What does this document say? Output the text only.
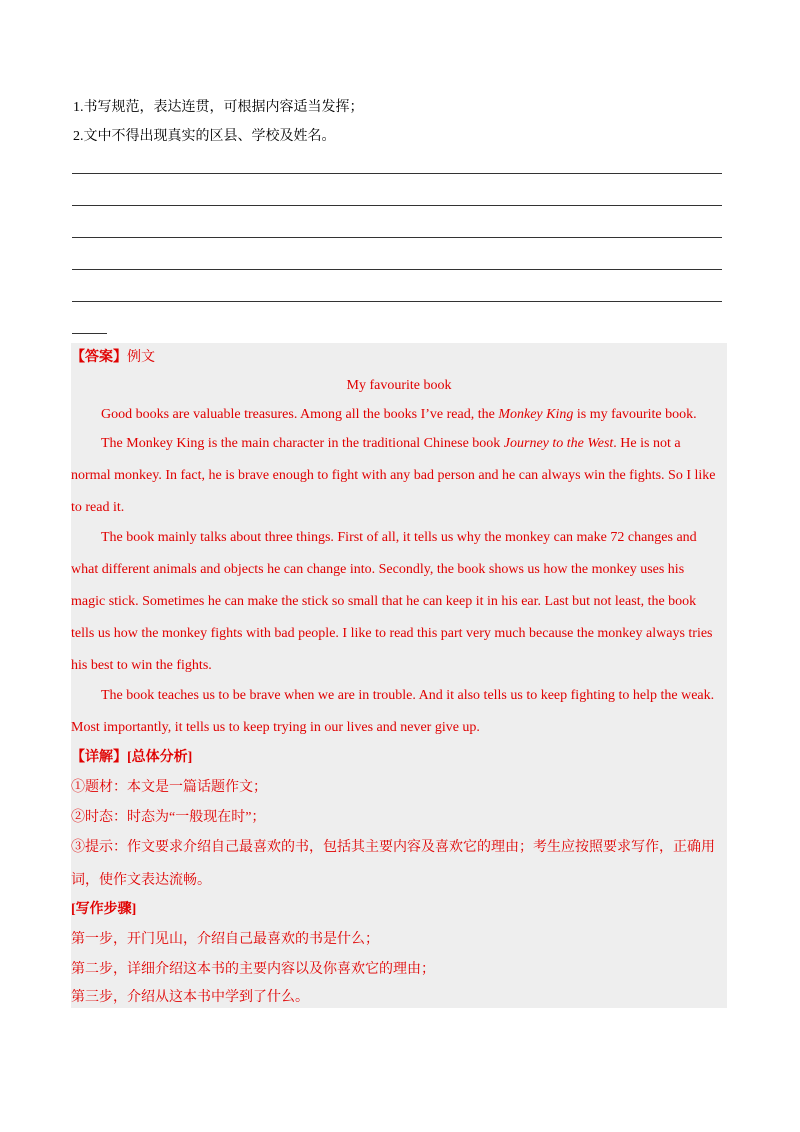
1.书写规范，表达连贯，可根据内容适当发挥；
2.文中不得出现真实的区县、学校及姓名。
【答案】例文
My favourite book
Good books are valuable treasures. Among all the books I’ve read, the Monkey King is my favourite book.
The Monkey King is the main character in the traditional Chinese book Journey to the West. He is not a
normal monkey. In fact, he is brave enough to fight with any bad person and he can always win the fights. So I like
to read it.
The book mainly talks about three things. First of all, it tells us why the monkey can make 72 changes and
what different animals and objects he can change into. Secondly, the book shows us how the monkey uses his
magic stick. Sometimes he can make the stick so small that he can keep it in his ear. Last but not least, the book
tells us how the monkey fights with bad people. I like to read this part very much because the monkey always tries
his best to win the fights.
The book teaches us to be brave when we are in trouble. And it also tells us to keep fighting to help the weak.
Most importantly, it tells us to keep trying in our lives and never give up.
【详解】[总体分析]
①题材：本文是一篇话题作文；
②时态：时态为“一般现在时”；
③提示：作文要求介绍自己最喜欢的书，包括其主要内容及喜欢它的理由；考生应按照要求写作，正确用
词，使作文表达流畅。
[写作步骤]
第一步，开门见山，介绍自己最喜欢的书是什么；
第二步，详细介绍这本书的主要内容以及你喜欢它的理由；
第三步，介绍从这本书中学到了什么。
